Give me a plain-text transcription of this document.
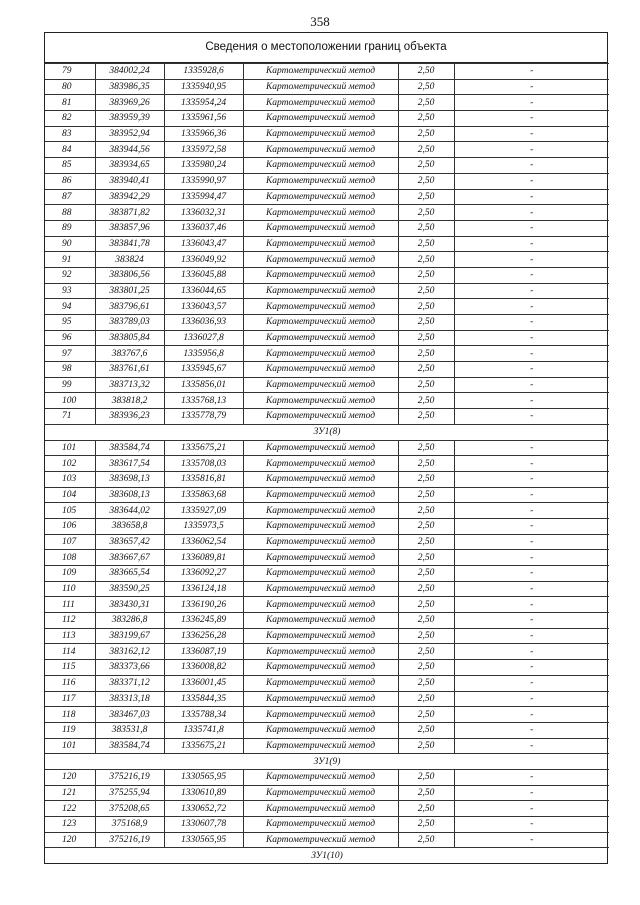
358
Сведения о местоположении границ объекта
79	384002,24	1335928,6	Картометрический метод	2,50	-
80	383986,35	1335940,95	Картометрический метод	2,50	-
81	383969,26	1335954,24	Картометрический метод	2,50	-
82	383959,39	1335961,56	Картометрический метод	2,50	-
83	383952,94	1335966,36	Картометрический метод	2,50	-
84	383944,56	1335972,58	Картометрический метод	2,50	-
85	383934,65	1335980,24	Картометрический метод	2,50	-
86	383940,41	1335990,97	Картометрический метод	2,50	-
87	383942,29	1335994,47	Картометрический метод	2,50	-
88	383871,82	1336032,31	Картометрический метод	2,50	-
89	383857,96	1336037,46	Картометрический метод	2,50	-
90	383841,78	1336043,47	Картометрический метод	2,50	-
91	383824	1336049,92	Картометрический метод	2,50	-
92	383806,56	1336045,88	Картометрический метод	2,50	-
93	383801,25	1336044,65	Картометрический метод	2,50	-
94	383796,61	1336043,57	Картометрический метод	2,50	-
95	383789,03	1336036,93	Картометрический метод	2,50	-
96	383805,84	1336027,8	Картометрический метод	2,50	-
97	383767,6	1335956,8	Картометрический метод	2,50	-
98	383761,61	1335945,67	Картометрический метод	2,50	-
99	383713,32	1335856,01	Картометрический метод	2,50	-
100	383818,2	1335768,13	Картометрический метод	2,50	-
71	383936,23	1335778,79	Картометрический метод	2,50	-
ЗУ1(8)					
101	383584,74	1335675,21	Картометрический метод	2,50	-
102	383617,54	1335708,03	Картометрический метод	2,50	-
103	383698,13	1335816,81	Картометрический метод	2,50	-
104	383608,13	1335863,68	Картометрический метод	2,50	-
105	383644,02	1335927,09	Картометрический метод	2,50	-
106	383658,8	1335973,5	Картометрический метод	2,50	-
107	383657,42	1336062,54	Картометрический метод	2,50	-
108	383667,67	1336089,81	Картометрический метод	2,50	-
109	383665,54	1336092,27	Картометрический метод	2,50	-
110	383590,25	1336124,18	Картометрический метод	2,50	-
111	383430,31	1336190,26	Картометрический метод	2,50	-
112	383286,8	1336245,89	Картометрический метод	2,50	-
113	383199,67	1336256,28	Картометрический метод	2,50	-
114	383162,12	1336087,19	Картометрический метод	2,50	-
115	383373,66	1336008,82	Картометрический метод	2,50	-
116	383371,12	1336001,45	Картометрический метод	2,50	-
117	383313,18	1335844,35	Картометрический метод	2,50	-
118	383467,03	1335788,34	Картометрический метод	2,50	-
119	383531,8	1335741,8	Картометрический метод	2,50	-
101	383584,74	1335675,21	Картометрический метод	2,50	-
ЗУ1(9)					
120	375216,19	1330565,95	Картометрический метод	2,50	-
121	375255,94	1330610,89	Картометрический метод	2,50	-
122	375208,65	1330652,72	Картометрический метод	2,50	-
123	375168,9	1330607,78	Картометрический метод	2,50	-
120	375216,19	1330565,95	Картометрический метод	2,50	-
ЗУ1(10)					
